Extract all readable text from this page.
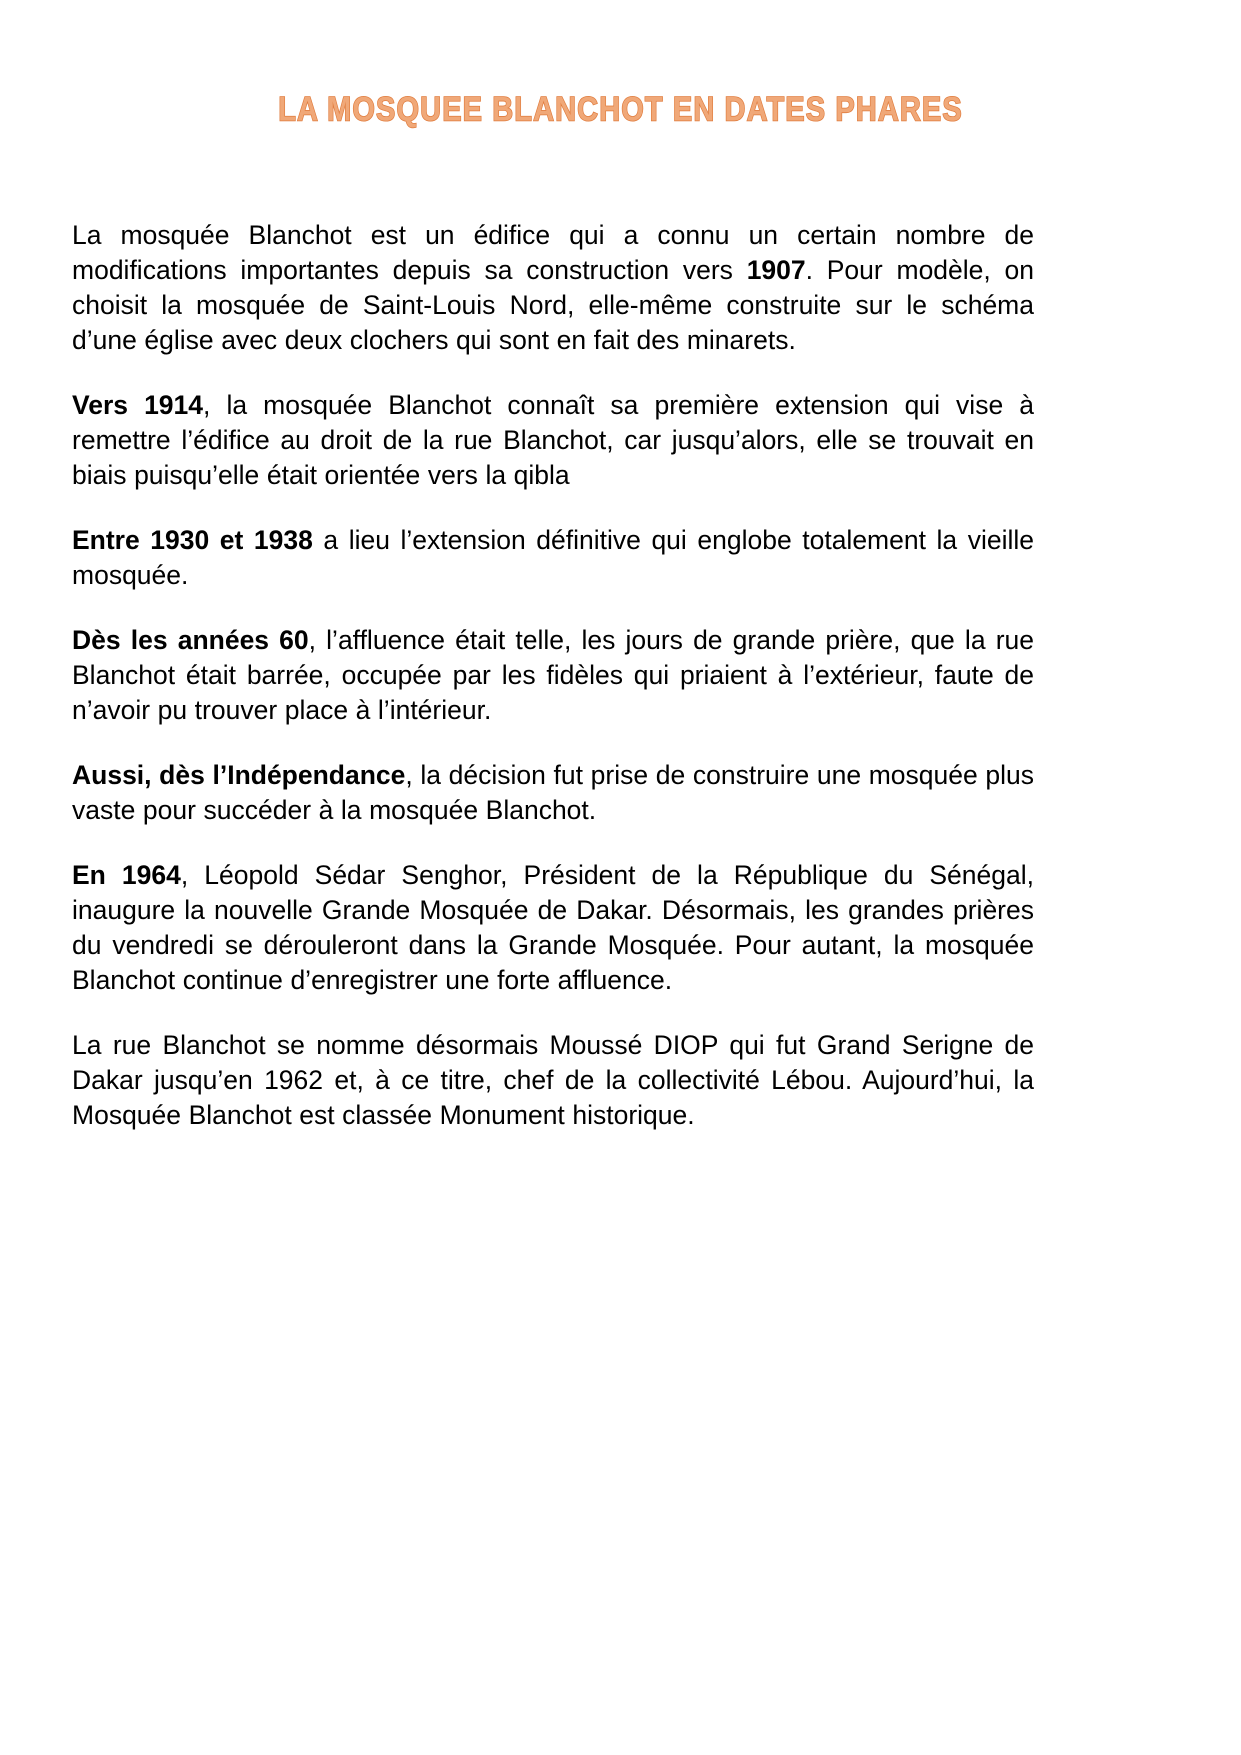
LA MOSQUEE BLANCHOT EN DATES PHARES

La mosquée Blanchot est un édifice qui a connu un certain nombre de modifications importantes depuis sa construction vers 1907. Pour modèle, on choisit la mosquée de Saint-Louis Nord, elle-même construite sur le schéma d’une église avec deux clochers qui sont en fait des minarets.

Vers 1914, la mosquée Blanchot connaît sa première extension qui vise à remettre l’édifice au droit de la rue Blanchot, car jusqu’alors, elle se trouvait en biais puisqu’elle était orientée vers la qibla

Entre 1930 et 1938 a lieu l’extension définitive qui englobe totalement la vieille mosquée.

Dès les années 60, l’affluence était telle, les jours de grande prière, que la rue Blanchot était barrée, occupée par les fidèles qui priaient à l’extérieur, faute de n’avoir pu trouver place à l’intérieur.

Aussi, dès l’Indépendance, la décision fut prise de construire une mosquée plus vaste pour succéder à la mosquée Blanchot.

En 1964, Léopold Sédar Senghor, Président de la République du Sénégal, inaugure la nouvelle Grande Mosquée de Dakar. Désormais, les grandes prières du vendredi se dérouleront dans la Grande Mosquée. Pour autant, la mosquée Blanchot continue d’enregistrer une forte affluence.

La rue Blanchot se nomme désormais Moussé DIOP qui fut Grand Serigne de Dakar jusqu’en 1962 et, à ce titre, chef de la collectivité Lébou. Aujourd’hui, la Mosquée Blanchot est classée Monument historique.
